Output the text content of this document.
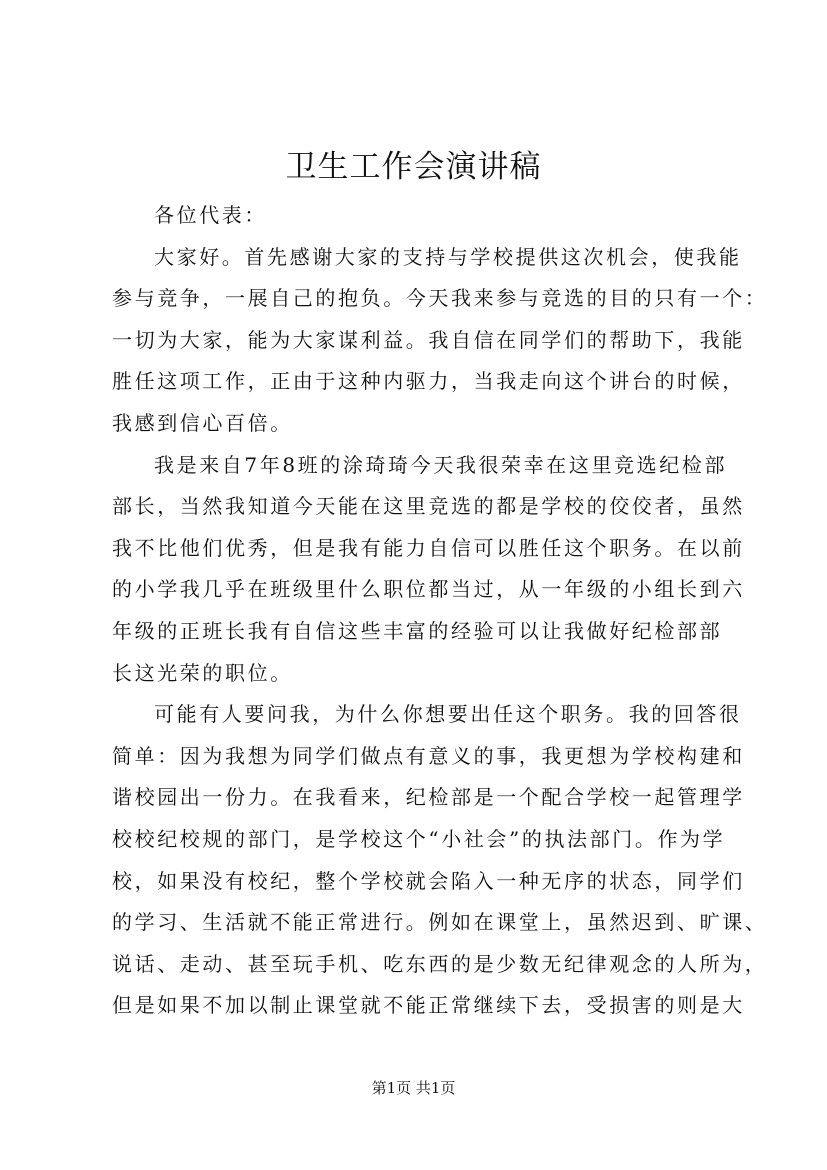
卫生工作会演讲稿
各位代表：
大家好。首先感谢大家的支持与学校提供这次机会，使我能
参与竞争，一展自己的抱负。今天我来参与竞选的目的只有一个：
一切为大家，能为大家谋利益。我自信在同学们的帮助下，我能
胜任这项工作，正由于这种内驱力，当我走向这个讲台的时候，
我感到信心百倍。
我是来自7年8班的涂琦琦今天我很荣幸在这里竞选纪检部
部长，当然我知道今天能在这里竞选的都是学校的佼佼者，虽然
我不比他们优秀，但是我有能力自信可以胜任这个职务。在以前
的小学我几乎在班级里什么职位都当过，从一年级的小组长到六
年级的正班长我有自信这些丰富的经验可以让我做好纪检部部
长这光荣的职位。
可能有人要问我，为什么你想要出任这个职务。我的回答很
简单：因为我想为同学们做点有意义的事，我更想为学校构建和
谐校园出一份力。在我看来，纪检部是一个配合学校一起管理学
校校纪校规的部门，是学校这个“小社会”的执法部门。作为学
校，如果没有校纪，整个学校就会陷入一种无序的状态，同学们
的学习、生活就不能正常进行。例如在课堂上，虽然迟到、旷课、
说话、走动、甚至玩手机、吃东西的是少数无纪律观念的人所为，
但是如果不加以制止课堂就不能正常继续下去，受损害的则是大
第1页 共1页
